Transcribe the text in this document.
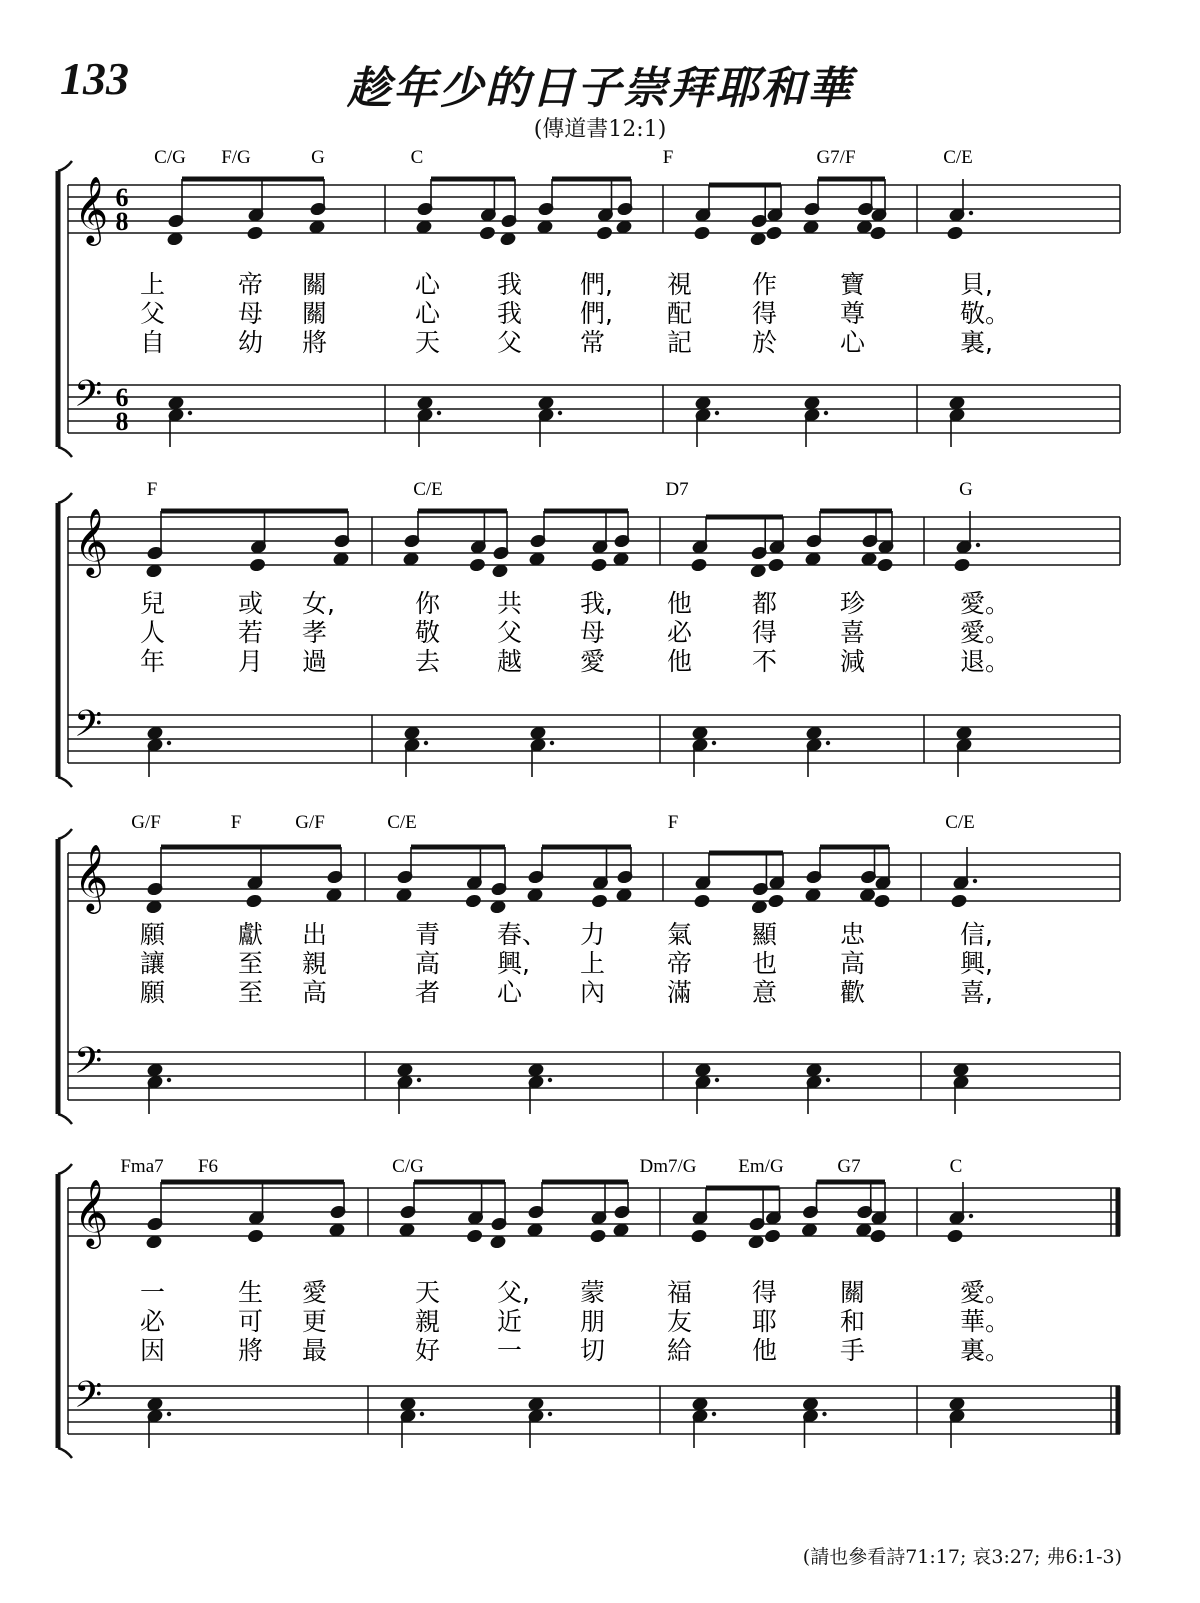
133	趁年少的日子崇拜耶和華
(傳道書12:1)
𝄞
𝄢
6
8
6
8
C/G F/G	G	C	F	G7/F	C/E
上	帝 關	心 我 們, 視 作	寶	貝,
父	母 關	心 我 們, 配 得	尊	敬。
自	幼 將	天 父 常 記 於	心	裏,
𝄞
𝄢
F	C/E	D7	G
兒	或 女,	你 共 我, 他 都	珍	愛。
人	若 孝	敬 父 母 必 得	喜	愛。
年	月 過	去 越 愛 他 不	減	退。
𝄞
𝄢
G/F	F	G/F	C/E	F	C/E
願	獻 出	青 春、 力 氣 顯	忠	信,
讓	至 親	高 興, 上 帝 也	高	興,
願	至 高	者 心 內 滿 意	歡	喜,
𝄞
𝄢
Fma7 F6	C/G	Dm7/G Em/G	G7	C
一	生 愛	天 父, 蒙 福 得	關	愛。
必	可 更	親 近 朋 友 耶	和	華。
因	將 最	好 一 切 給 他	手	裏。
(請也參看詩71:17; 哀3:27; 弗6:1-3)
